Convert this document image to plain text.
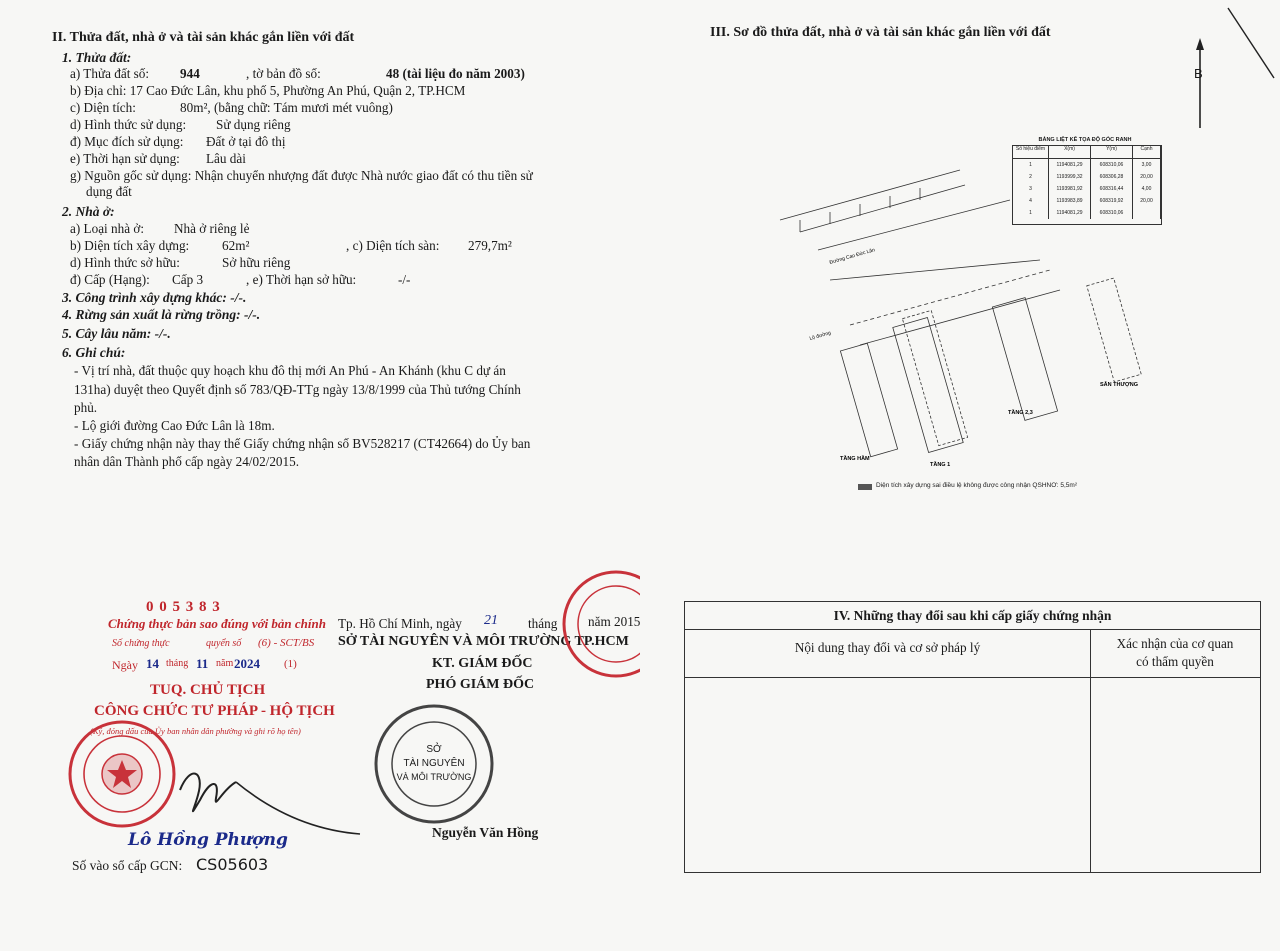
II. Thửa đất, nhà ở và tài sản khác gắn liền với đất
1. Thửa đất:
a) Thửa đất số: 944	, tờ bản đồ số:	48 (tài liệu đo năm 2003)
b) Địa chỉ: 17 Cao Đức Lân, khu phố 5, Phường An Phú, Quận 2, TP.HCM
c) Diện tích:	80m², (bằng chữ: Tám mươi mét vuông)
d) Hình thức sử dụng: Sử dụng riêng
đ) Mục đích sử dụng: Đất ở tại đô thị
e) Thời hạn sử dụng: Lâu dài
g) Nguồn gốc sử dụng: Nhận chuyển nhượng đất được Nhà nước giao đất có thu tiền sử
dụng đất
2. Nhà ở:
a) Loại nhà ở: Nhà ở riêng lẻ
b) Diện tích xây dựng: 62m²	, c) Diện tích sàn: 279,7m²
d) Hình thức sở hữu:	Sở hữu riêng
đ) Cấp (Hạng): Cấp 3	, e) Thời hạn sở hữu:	-/-
3. Công trình xây dựng khác: -/-.
4. Rừng sản xuất là rừng trồng: -/-.
5. Cây lâu năm: -/-.
6. Ghi chú:
- Vị trí nhà, đất thuộc quy hoạch khu đô thị mới An Phú - An Khánh (khu C dự án
131ha) duyệt theo Quyết định số 783/QĐ-TTg ngày 13/8/1999 của Thủ tướng Chính
phủ.
- Lộ giới đường Cao Đức Lân là 18m.
- Giấy chứng nhận này thay thế Giấy chứng nhận số BV528217 (CT42664) do Ủy ban
nhân dân Thành phố cấp ngày 24/02/2015.
0 0 5 3 8 3
Chứng thực bản sao đúng với bản chính
Số chứng thực	quyển số (6) - SCT/BS
Ngày 14 tháng 11 năm 2024 (1)
TUQ. CHỦ TỊCH
CÔNG CHỨC TƯ PHÁP - HỘ TỊCH
(Ký, đóng dấu của Ủy ban nhân dân phường và ghi rõ họ tên)
Lô Hồng Phượng
Tp. Hồ Chí Minh, ngày 21 tháng năm 2015
SỞ TÀI NGUYÊN VÀ MÔI TRƯỜNG TP.HCM
KT. GIÁM ĐỐC
PHÓ GIÁM ĐỐC
SỞ
TÀI NGUYÊN
VÀ MÔI TRƯỜNG
Nguyễn Văn Hồng
Số vào sổ cấp GCN: CS05603
III. Sơ đồ thửa đất, nhà ở và tài sản khác gắn liền với đất
B
BẢNG LIỆT KÊ TỌA ĐỘ GÓC RANH
Số hiệu điểm	X(m)	Y(m)	Cạnh
1	1194081,29	608310,06	3,00
2	1193999,32	608306,28	20,00
3	1193981,92	608316,44	4,00
4	1193983,89	608319,92	20,00
1	1194081,29	608310,06
Đường Cao Đức Lân
Lộ đường
TẦNG HẦM
TẦNG 1
TẦNG 2,3
SÂN THƯỢNG
Diện tích xây dựng sai điều lệ không được công nhận QSHNƠ: 5,5m²
IV. Những thay đổi sau khi cấp giấy chứng nhận
Nội dung thay đổi và cơ sở pháp lý	Xác nhận của cơ quan
có thẩm quyền
